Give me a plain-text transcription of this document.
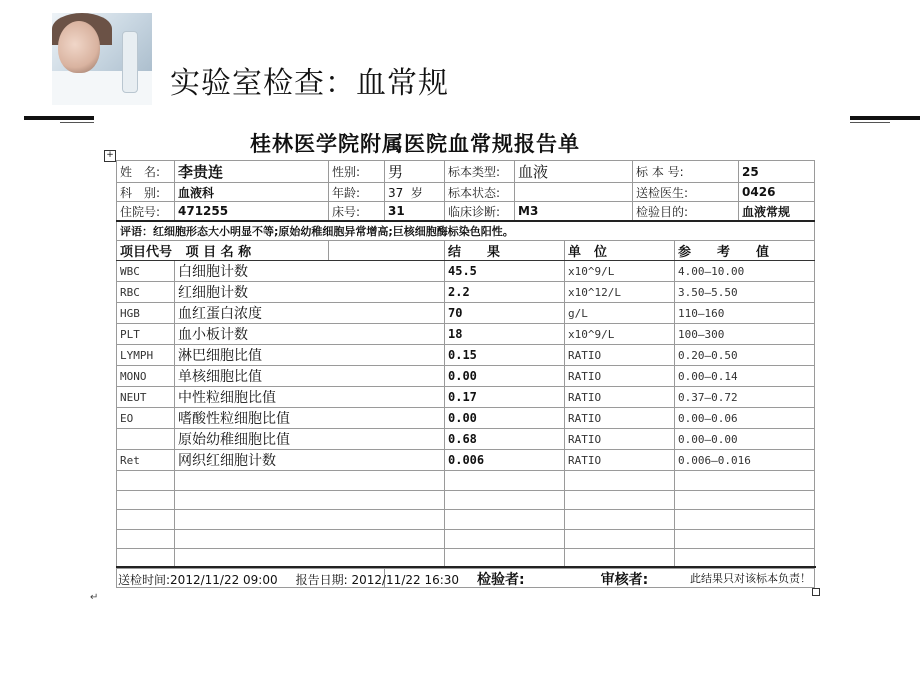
实验室检查：血常规
桂林医学院附属医院血常规报告单
+
姓　名:	李贵连	性别:	男	标本类型:	血液		标 本 号:		25
科　别:	血液科	年龄:	37 岁	标本状态:			送检医生:		0426
住院号:	471255	床号:	31	临床诊断:	M3		检验目的:		血液常规
评语：红细胞形态大小明显不等;原始幼稚细胞异常增高;巨核细胞酶标染色阳性。									
项目代号 项 目 名 称				结　　果		单　位		参　　考　　值	
WBC	白细胞计数			45.5		x10^9/L		4.00—10.00	
RBC	红细胞计数			2.2		x10^12/L		3.50—5.50	
HGB	血红蛋白浓度			70		g/L		110—160	
PLT	血小板计数			18		x10^9/L		100—300	
LYMPH	淋巴细胞比值			0.15		RATIO		0.20—0.50	
MONO	单核细胞比值			0.00		RATIO		0.00—0.14	
NEUT	中性粒细胞比值			0.17		RATIO		0.37—0.72	
EO	嗜酸性粒细胞比值			0.00		RATIO		0.00—0.06	
	原始幼稚细胞比值			0.68		RATIO		0.00—0.00	
Ret	网织红细胞计数			0.006		RATIO		0.006—0.016	

			此结果只对该标本负责！						
送检时间:2012/11/22 09:00 报告日期: 2012/11/22 16:30 检验者:	审核者:
↵
